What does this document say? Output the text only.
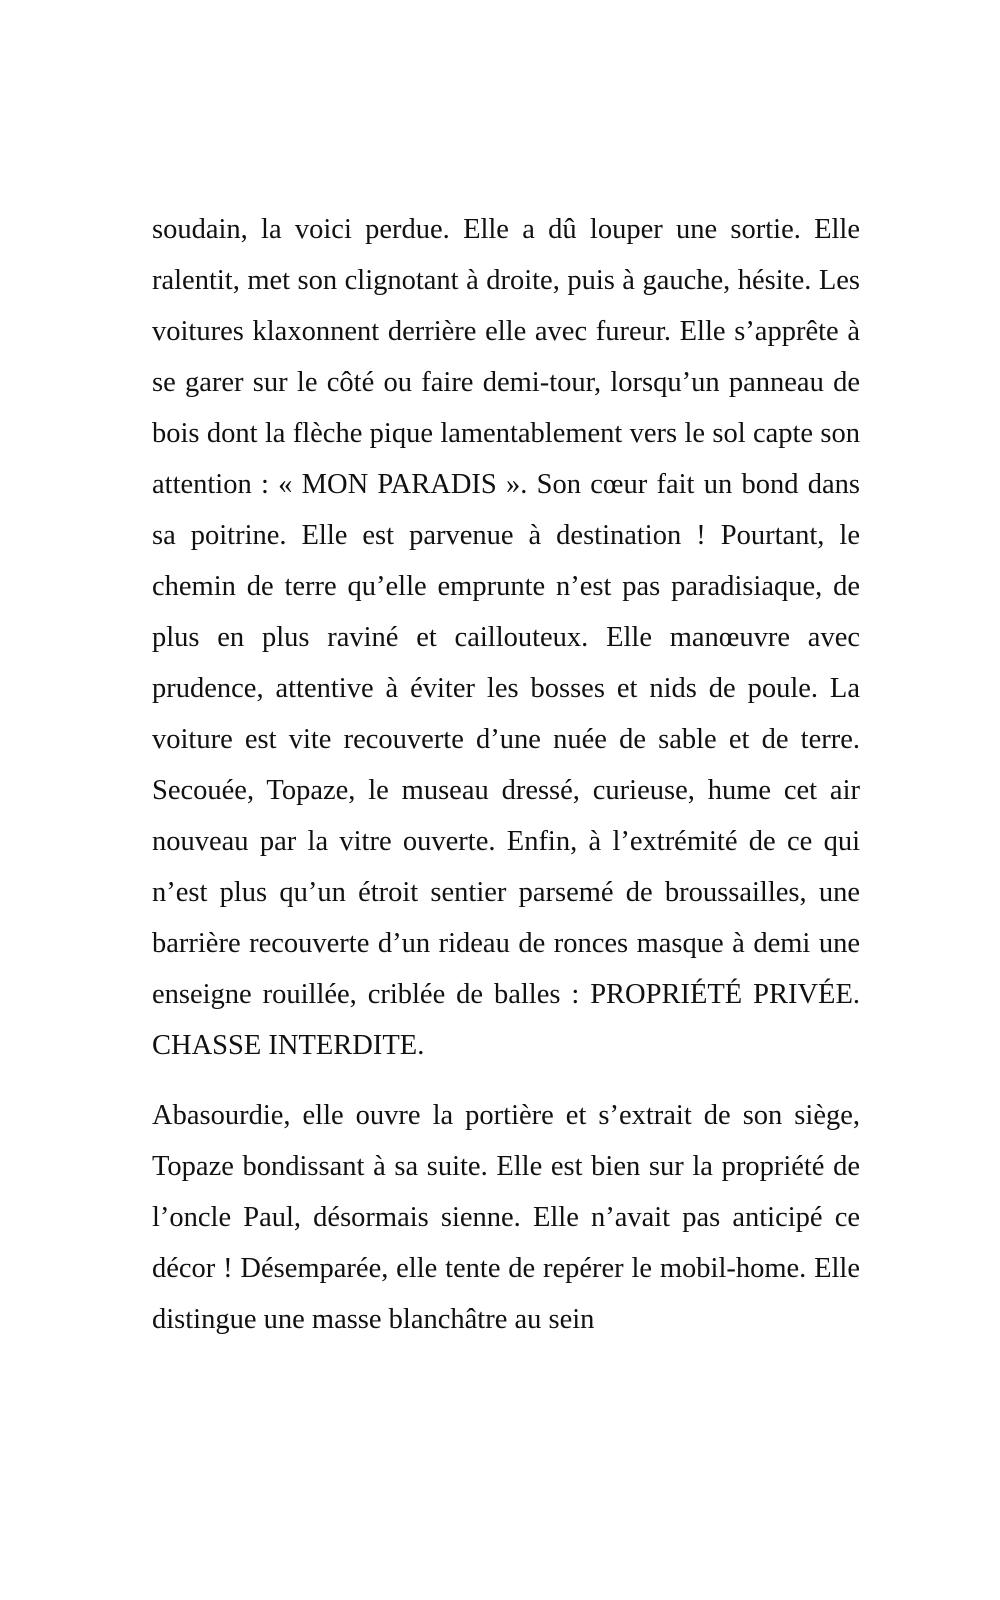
soudain, la voici perdue. Elle a dû louper une sortie. Elle ralentit, met son clignotant à droite, puis à gauche, hésite. Les voitures klaxonnent derrière elle avec fureur. Elle s’apprête à se garer sur le côté ou faire demi-tour, lorsqu’un panneau de bois dont la flèche pique lamentablement vers le sol capte son attention : « MON PARADIS ». Son cœur fait un bond dans sa poitrine. Elle est parvenue à destination ! Pourtant, le chemin de terre qu’elle emprunte n’est pas paradisiaque, de plus en plus raviné et caillouteux. Elle manœuvre avec prudence, attentive à éviter les bosses et nids de poule. La voiture est vite recouverte d’une nuée de sable et de terre. Secouée, Topaze, le museau dressé, curieuse, hume cet air nouveau par la vitre ouverte. Enfin, à l’extrémité de ce qui n’est plus qu’un étroit sentier parsemé de broussailles, une barrière recouverte d’un rideau de ronces masque à demi une enseigne rouillée, criblée de balles : PROPRIÉTÉ PRIVÉE. CHASSE INTERDITE.

Abasourdie, elle ouvre la portière et s’extrait de son siège, Topaze bondissant à sa suite. Elle est bien sur la propriété de l’oncle Paul, désormais sienne. Elle n’avait pas anticipé ce décor ! Désemparée, elle tente de repérer le mobil-home. Elle distingue une masse blanchâtre au sein
